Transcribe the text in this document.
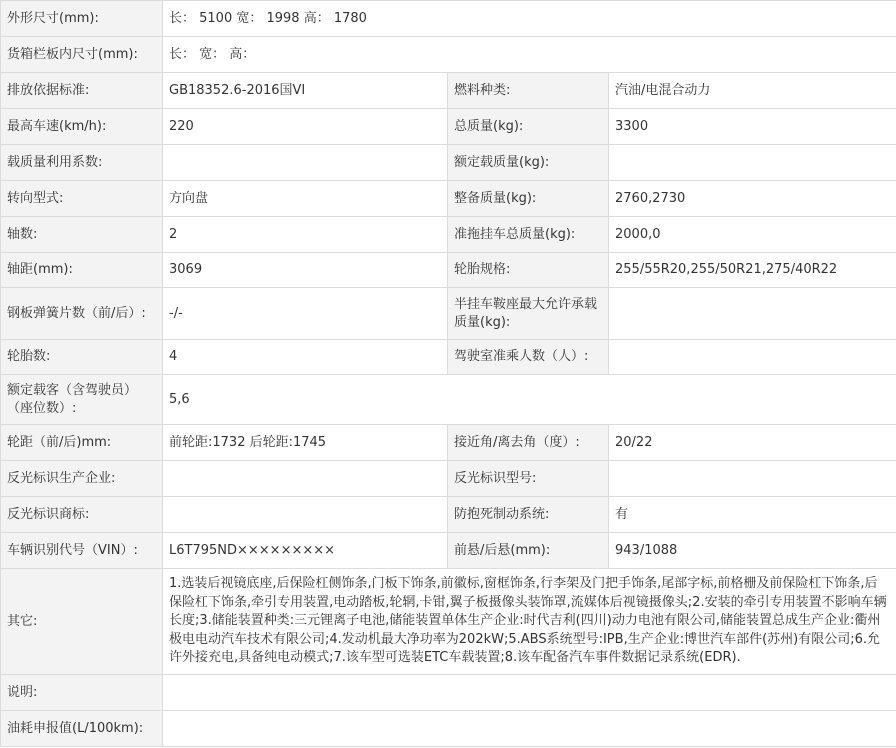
外形尺寸(mm):	长： 5100 宽： 1998 高： 1780		
货箱栏板内尺寸(mm):	长： 宽： 高：		
排放依据标准:	GB18352.6-2016国VI	燃料种类:	汽油/电混合动力
最高车速(km/h):	220	总质量(kg):	3300
载质量利用系数:		额定载质量(kg):	
转向型式:	方向盘	整备质量(kg):	2760,2730
轴数:	2	准拖挂车总质量(kg):	2000,0
轴距(mm):	3069	轮胎规格:	255/55R20,255/50R21,275/40R22
钢板弹簧片数（前/后）:	-/-	半挂车鞍座最大允许承载质量(kg):	
轮胎数:	4	驾驶室准乘人数（人）:	
额定载客（含驾驶员）（座位数）:	5,6		
轮距（前/后)mm:	前轮距:1732 后轮距:1745	接近角/离去角（度）:	20/22
反光标识生产企业:		反光标识型号:	
反光标识商标:		防抱死制动系统:	有
车辆识别代号（VIN）:	L6T795ND×××××××××	前悬/后悬(mm):	943/1088
其它:	1.选装后视镜底座,后保险杠侧饰条,门板下饰条,前徽标,窗框饰条,行李架及门把手饰条,尾部字标,前格栅及前保险杠下饰条,后保险杠下饰条,牵引专用装置,电动踏板,轮辋,卡钳,翼子板摄像头装饰罩,流媒体后视镜摄像头;2.安装的牵引专用装置不影响车辆长度;3.储能装置种类:三元锂离子电池,储能装置单体生产企业:时代吉利(四川)动力电池有限公司,储能装置总成生产企业:衢州极电电动汽车技术有限公司;4.发动机最大净功率为202kW;5.ABS系统型号:IPB,生产企业:博世汽车部件(苏州)有限公司;6.允许外接充电,具备纯电动模式;7.该车型可选装ETC车载装置;8.该车配备汽车事件数据记录系统(EDR).		
说明:			
油耗申报值(L/100km):			
